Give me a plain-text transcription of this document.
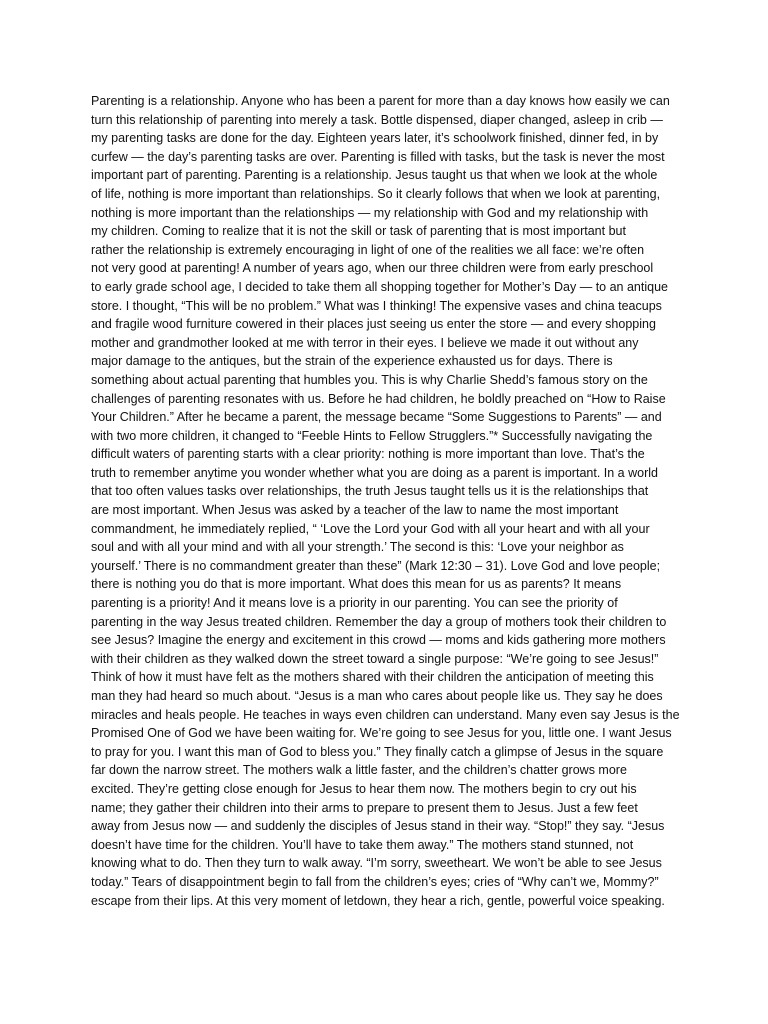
Parenting is a relationship. Anyone who has been a parent for more than a day knows how easily we can
turn this relationship of parenting into merely a task. Bottle dispensed, diaper changed, asleep in crib —
my parenting tasks are done for the day. Eighteen years later, it’s schoolwork finished, dinner fed, in by
curfew — the day’s parenting tasks are over. Parenting is filled with tasks, but the task is never the most
important part of parenting. Parenting is a relationship. Jesus taught us that when we look at the whole
of life, nothing is more important than relationships. So it clearly follows that when we look at parenting,
nothing is more important than the relationships — my relationship with God and my relationship with
my children. Coming to realize that it is not the skill or task of parenting that is most important but
rather the relationship is extremely encouraging in light of one of the realities we all face: we’re often
not very good at parenting! A number of years ago, when our three children were from early preschool
to early grade school age, I decided to take them all shopping together for Mother’s Day — to an antique
store. I thought, “This will be no problem.” What was I thinking! The expensive vases and china teacups
and fragile wood furniture cowered in their places just seeing us enter the store — and every shopping
mother and grandmother looked at me with terror in their eyes. I believe we made it out without any
major damage to the antiques, but the strain of the experience exhausted us for days. There is
something about actual parenting that humbles you. This is why Charlie Shedd’s famous story on the
challenges of parenting resonates with us. Before he had children, he boldly preached on “How to Raise
Your Children.” After he became a parent, the message became “Some Suggestions to Parents” — and
with two more children, it changed to “Feeble Hints to Fellow Strugglers.”* Successfully navigating the
difficult waters of parenting starts with a clear priority: nothing is more important than love. That’s the
truth to remember anytime you wonder whether what you are doing as a parent is important. In a world
that too often values tasks over relationships, the truth Jesus taught tells us it is the relationships that
are most important. When Jesus was asked by a teacher of the law to name the most important
commandment, he immediately replied, “ ‘Love the Lord your God with all your heart and with all your
soul and with all your mind and with all your strength.’ The second is this: ‘Love your neighbor as
yourself.’ There is no commandment greater than these” (Mark 12:30 – 31). Love God and love people;
there is nothing you do that is more important. What does this mean for us as parents? It means
parenting is a priority! And it means love is a priority in our parenting. You can see the priority of
parenting in the way Jesus treated children. Remember the day a group of mothers took their children to
see Jesus? Imagine the energy and excitement in this crowd — moms and kids gathering more mothers
with their children as they walked down the street toward a single purpose: “We’re going to see Jesus!”
Think of how it must have felt as the mothers shared with their children the anticipation of meeting this
man they had heard so much about. “Jesus is a man who cares about people like us. They say he does
miracles and heals people. He teaches in ways even children can understand. Many even say Jesus is the
Promised One of God we have been waiting for. We’re going to see Jesus for you, little one. I want Jesus
to pray for you. I want this man of God to bless you.” They finally catch a glimpse of Jesus in the square
far down the narrow street. The mothers walk a little faster, and the children’s chatter grows more
excited. They’re getting close enough for Jesus to hear them now. The mothers begin to cry out his
name; they gather their children into their arms to prepare to present them to Jesus. Just a few feet
away from Jesus now — and suddenly the disciples of Jesus stand in their way. “Stop!” they say. “Jesus
doesn’t have time for the children. You’ll have to take them away.” The mothers stand stunned, not
knowing what to do. Then they turn to walk away. “I’m sorry, sweetheart. We won’t be able to see Jesus
today.” Tears of disappointment begin to fall from the children’s eyes; cries of “Why can’t we, Mommy?”
escape from their lips. At this very moment of letdown, they hear a rich, gentle, powerful voice speaking.
